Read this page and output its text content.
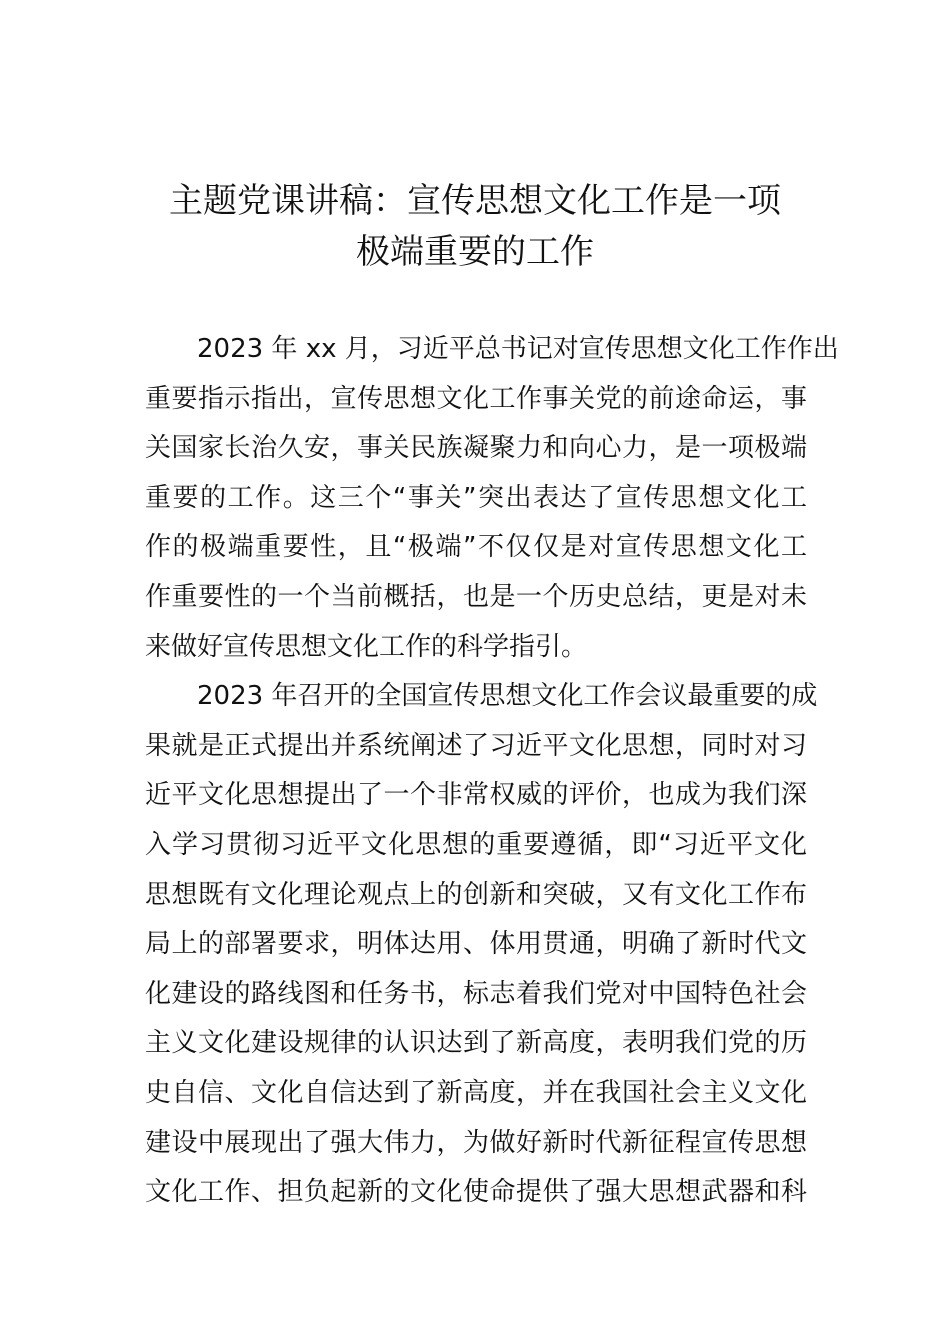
主题党课讲稿：宣传思想文化工作是一项
极端重要的工作
2023 年 xx 月，习近平总书记对宣传思想文化工作作出
重要指示指出，宣传思想文化工作事关党的前途命运，事
关国家长治久安，事关民族凝聚力和向心力，是一项极端
重要的工作。这三个“事关”突出表达了宣传思想文化工
作的极端重要性，且“极端”不仅仅是对宣传思想文化工
作重要性的一个当前概括，也是一个历史总结，更是对未
来做好宣传思想文化工作的科学指引。
2023 年召开的全国宣传思想文化工作会议最重要的成
果就是正式提出并系统阐述了习近平文化思想，同时对习
近平文化思想提出了一个非常权威的评价，也成为我们深
入学习贯彻习近平文化思想的重要遵循，即“习近平文化
思想既有文化理论观点上的创新和突破，又有文化工作布
局上的部署要求，明体达用、体用贯通，明确了新时代文
化建设的路线图和任务书，标志着我们党对中国特色社会
主义文化建设规律的认识达到了新高度，表明我们党的历
史自信、文化自信达到了新高度，并在我国社会主义文化
建设中展现出了强大伟力，为做好新时代新征程宣传思想
文化工作、担负起新的文化使命提供了强大思想武器和科
